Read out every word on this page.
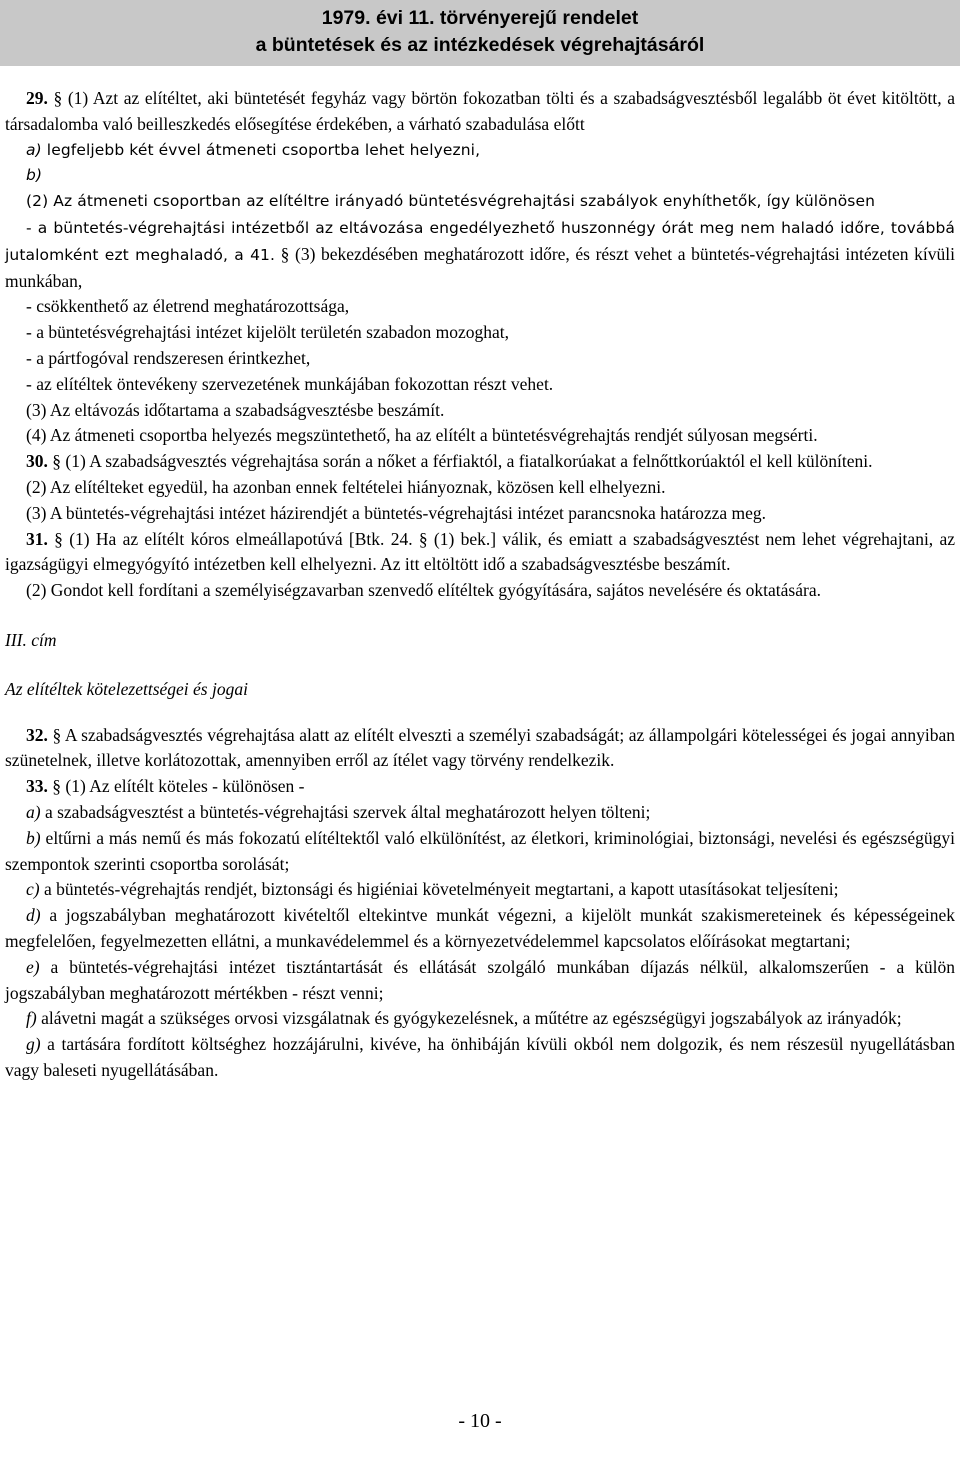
1979. évi 11. törvényerejű rendelet
a büntetések és az intézkedések végrehajtásáról

29. § (1) Azt az elítéltet, aki büntetését fegyház vagy börtön fokozatban tölti és a szabadságvesztésből legalább öt évet kitöltött, a társadalomba való beilleszkedés elősegítése érdekében, a várható szabadulása előtt

a) legfeljebb két évvel átmeneti csoportba lehet helyezni,

b)

(2) Az átmeneti csoportban az elítéltre irányadó büntetésvégrehajtási szabályok enyhíthetők, így különösen

- a büntetés-végrehajtási intézetből az eltávozása engedélyezhető huszonnégy órát meg nem haladó időre, továbbá jutalomként ezt meghaladó, a 41. § (3) bekezdésében meghatározott időre, és részt vehet a büntetés-végrehajtási intézeten kívüli munkában,

- csökkenthető az életrend meghatározottsága,

- a büntetésvégrehajtási intézet kijelölt területén szabadon mozoghat,

- a pártfogóval rendszeresen érintkezhet,

- az elítéltek öntevékeny szervezetének munkájában fokozottan részt vehet.

(3) Az eltávozás időtartama a szabadságvesztésbe beszámít.

(4) Az átmeneti csoportba helyezés megszüntethető, ha az elítélt a büntetésvégrehajtás rendjét súlyosan megsérti.

30. § (1) A szabadságvesztés végrehajtása során a nőket a férfiaktól, a fiatalkorúakat a felnőttkorúaktól el kell különíteni.

(2) Az elítélteket egyedül, ha azonban ennek feltételei hiányoznak, közösen kell elhelyezni.

(3) A büntetés-végrehajtási intézet házirendjét a büntetés-végrehajtási intézet parancsnoka határozza meg.

31. § (1) Ha az elítélt kóros elmeállapotúvá [Btk. 24. § (1) bek.] válik, és emiatt a szabadságvesztést nem lehet végrehajtani, az igazságügyi elmegyógyító intézetben kell elhelyezni. Az itt eltöltött idő a szabadságvesztésbe beszámít.

(2) Gondot kell fordítani a személyiségzavarban szenvedő elítéltek gyógyítására, sajátos nevelésére és oktatására.

III. cím

Az elítéltek kötelezettségei és jogai

32. § A szabadságvesztés végrehajtása alatt az elítélt elveszti a személyi szabadságát; az állampolgári kötelességei és jogai annyiban szünetelnek, illetve korlátozottak, amennyiben erről az ítélet vagy törvény rendelkezik.

33. § (1) Az elítélt köteles - különösen -

a) a szabadságvesztést a büntetés-végrehajtási szervek által meghatározott helyen tölteni;

b) eltűrni a más nemű és más fokozatú elítéltektől való elkülönítést, az életkori, kriminológiai, biztonsági, nevelési és egészségügyi szempontok szerinti csoportba sorolását;

c) a büntetés-végrehajtás rendjét, biztonsági és higiéniai követelményeit megtartani, a kapott utasításokat teljesíteni;

d) a jogszabályban meghatározott kivételtől eltekintve munkát végezni, a kijelölt munkát szakismereteinek és képességeinek megfelelően, fegyelmezetten ellátni, a munkavédelemmel és a környezetvédelemmel kapcsolatos előírásokat megtartani;

e) a büntetés-végrehajtási intézet tisztántartását és ellátását szolgáló munkában díjazás nélkül, alkalomszerűen - a külön jogszabályban meghatározott mértékben - részt venni;

f) alávetni magát a szükséges orvosi vizsgálatnak és gyógykezelésnek, a műtétre az egészségügyi jogszabályok az irányadók;

g) a tartására fordított költséghez hozzájárulni, kivéve, ha önhibáján kívüli okból nem dolgozik, és nem részesül nyugellátásban vagy baleseti nyugellátásában.

- 10 -
